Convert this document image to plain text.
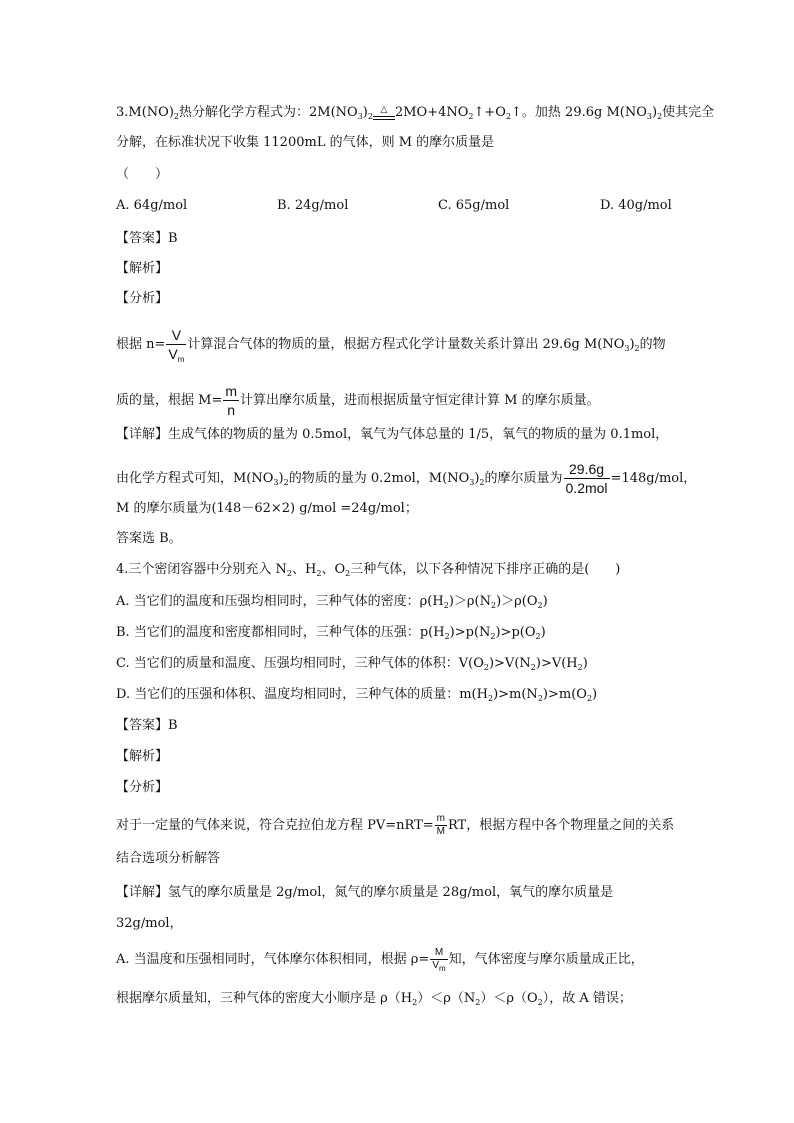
$3.M(NO)_2$热分解化学方程式为：$2M(NO_3)_2$
△ $2MO+4NO_2↑+O_2↑$。加热 29.6g $M(NO_3)_2$使其完全
分解，在标准状况下收集 11200mL 的气体，则 M 的摩尔质量是
（　　）
A. 64g/mol	B. 24g/mol	C. 65g/mol	D. 40g/mol
【答案】B
【解析】
【分析】
根据 $n= \frac{V}{V_m}$ 计算混合气体的物质的量，根据方程式化学计量数关系计算出 29.6g $M(NO_3)_2$的物
质的量，根据 $M= \frac{m}{n}$ 计算出摩尔质量，进而根据质量守恒定律计算 M 的摩尔质量。
【详解】生成气体的物质的量为 0.5mol，氧气为气体总量的 1/5，氧气的物质的量为 0.1mol，
由化学方程式可知，$M(NO_3)_2$的物质的量为 0.2mol，$M(NO_3)_2$的摩尔质量为 $\frac{29.6g}{\text{0.2mol}} =148g/mol$，
M 的摩尔质量为(148－62×2) g/mol =24g/mol；
答案选 B。
4.三个密闭容器中分别充入 $N_2$、$H_2$、$O_2$三种气体，以下各种情况下排序正确的是(　　)
A. 当它们的温度和压强均相同时，三种气体的密度：$\rho(H_2)>\rho(N_2)>\rho(O_2)$
B. 当它们的温度和密度都相同时，三种气体的压强：$p(H_2)>p(N_2)>p(O_2)$
C. 当它们的质量和温度、压强均相同时，三种气体的体积：$V(O_2)>V(N_2)>V(H_2)$
D. 当它们的压强和体积、温度均相同时，三种气体的质量：$m(H_2)>m(N_2)>m(O_2)$
【答案】B
【解析】
【分析】
对于一定量的气体来说，符合克拉伯龙方程 $PV=nRT= \frac{m}{M}$ RT，根据方程中各个物理量之间的关系
结合选项分析解答
【详解】氢气的摩尔质量是 2g/mol，氮气的摩尔质量是 28g/mol，氧气的摩尔质量是
32g/mol，
A. 当温度和压强相同时，气体摩尔体积相同，根据 $\rho= \frac{M}{V_m}$ 知，气体密度与摩尔质量成正比，
根据摩尔质量知，三种气体的密度大小顺序是 $\rho(H_2)<\rho(N_2)<\rho(O_2)$，故 A 错误；
